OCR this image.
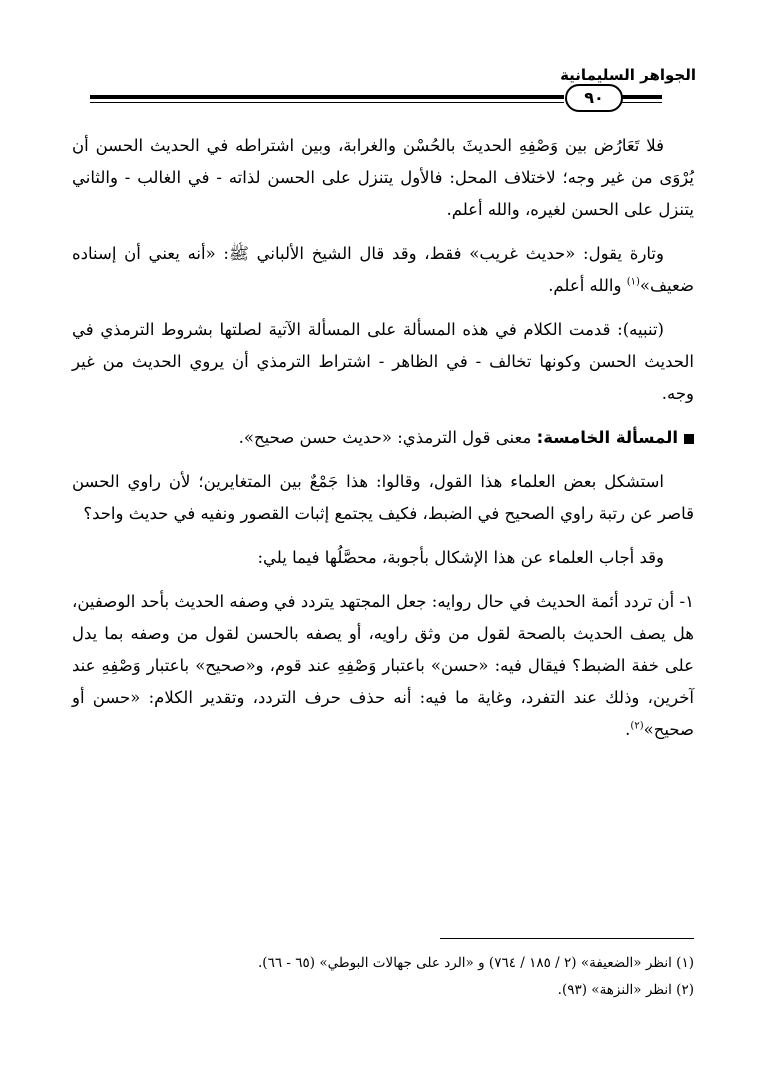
الجواهر السليمانية
٩٠

فلا تَعَارُض بين وَصْفِهِ الحديثَ بالحُسْن والغرابة، وبين اشتراطه في الحديث الحسن أن يُرْوَى من غير وجه؛ لاختلاف المحل: فالأول يتنزل على الحسن لذاته - في الغالب - والثاني يتنزل على الحسن لغيره، والله أعلم.

وتارة يقول: «حديث غريب» فقط، وقد قال الشيخ الألباني ﷺ: «أنه يعني أن إسناده ضعيف»$^{(١)}$ والله أعلم.

(تنبيه): قدمت الكلام في هذه المسألة على المسألة الآتية لصلتها بشروط الترمذي في الحديث الحسن وكونها تخالف - في الظاهر - اشتراط الترمذي أن يروي الحديث من غير وجه.

المسألة الخامسة: معنى قول الترمذي: «حديث حسن صحيح».

استشكل بعض العلماء هذا القول، وقالوا: هذا جَمْعٌ بين المتغايرين؛ لأن راوي الحسن قاصر عن رتبة راوي الصحيح في الضبط، فكيف يجتمع إثبات القصور ونفيه في حديث واحد؟

وقد أجاب العلماء عن هذا الإشكال بأجوبة، محصَّلُها فيما يلي:

١- أن تردد أئمة الحديث في حال روايه: جعل المجتهد يتردد في وصفه الحديث بأحد الوصفين، هل يصف الحديث بالصحة لقول من وثق راويه، أو يصفه بالحسن لقول من وصفه بما يدل على خفة الضبط؟ فيقال فيه: «حسن» باعتبار وَصْفِهِ عند قوم، و«صحيح» باعتبار وَصْفِهِ عند آخرين، وذلك عند التفرد، وغاية ما فيه: أنه حذف حرف التردد، وتقدير الكلام: «حسن أو صحيح»$^{(٢)}$.

(١) انظر «الضعيفة» (٢ / ١٨٥ / ٧٦٤) و «الرد على جهالات البوطي» (٦٥ - ٦٦).
(٢) انظر «النزهة» (٩٣).
